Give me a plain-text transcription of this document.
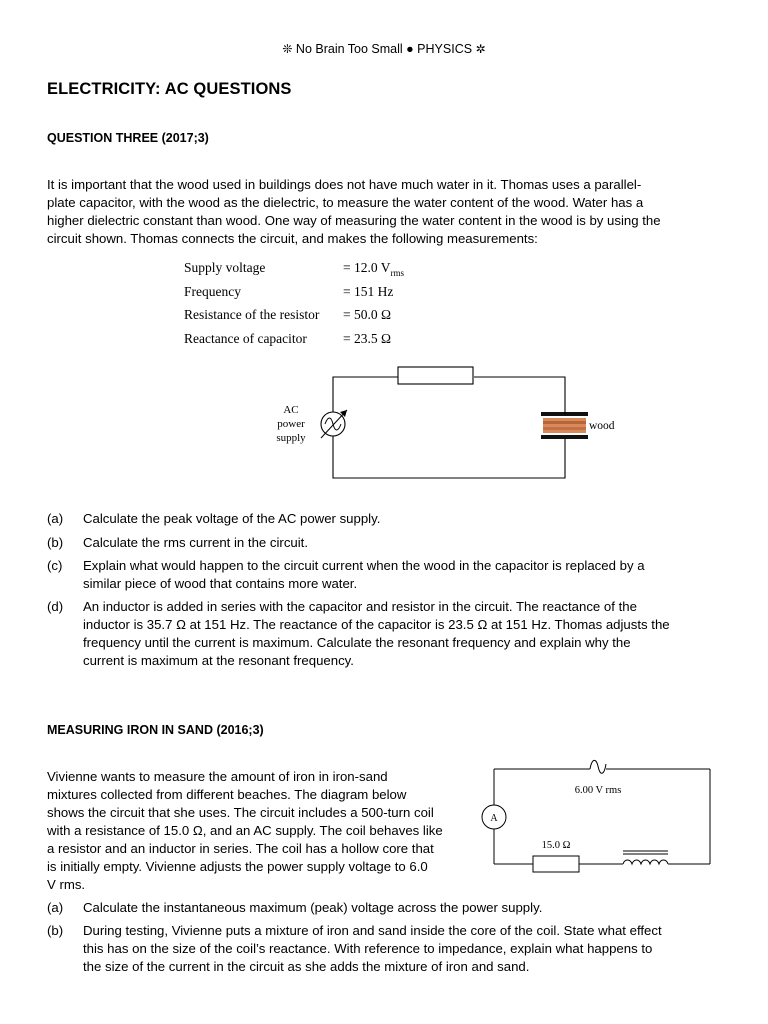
❊ No Brain Too Small ● PHYSICS ✲
ELECTRICITY: AC QUESTIONS
QUESTION THREE (2017;3)
It is important that the wood used in buildings does not have much water in it. Thomas uses a parallel-
plate capacitor, with the wood as the dielectric, to measure the water content of the wood. Water has a
higher dielectric constant than wood. One way of measuring the water content in the wood is by using the
circuit shown. Thomas connects the circuit, and makes the following measurements:
Supply voltage	= 12.0 $V_{rms}$
Frequency	= 151 Hz
Resistance of the resistor = 50.0 Ω
Reactance of capacitor	= 23.5 Ω
AC
power
supply
wood
(a) Calculate the peak voltage of the AC power supply.
(b) Calculate the rms current in the circuit.
(c) Explain what would happen to the circuit current when the wood in the capacitor is replaced by a
similar piece of wood that contains more water.
(d) An inductor is added in series with the capacitor and resistor in the circuit. The reactance of the
inductor is 35.7 Ω at 151 Hz. The reactance of the capacitor is 23.5 Ω at 151 Hz. Thomas adjusts the
frequency until the current is maximum. Calculate the resonant frequency and explain why the
current is maximum at the resonant frequency.
MEASURING IRON IN SAND (2016;3)
Vivienne wants to measure the amount of iron in iron-sand
mixtures collected from different beaches. The diagram below
shows the circuit that she uses. The circuit includes a 500-turn coil
with a resistance of 15.0 Ω, and an AC supply. The coil behaves like
a resistor and an inductor in series. The coil has a hollow core that
is initially empty. Vivienne adjusts the power supply voltage to 6.0
V rms.
6.00 V rms
A
15.0 Ω
(a) Calculate the instantaneous maximum (peak) voltage across the power supply.
(b) During testing, Vivienne puts a mixture of iron and sand inside the core of the coil. State what effect
this has on the size of the coil’s reactance. With reference to impedance, explain what happens to
the size of the current in the circuit as she adds the mixture of iron and sand.
